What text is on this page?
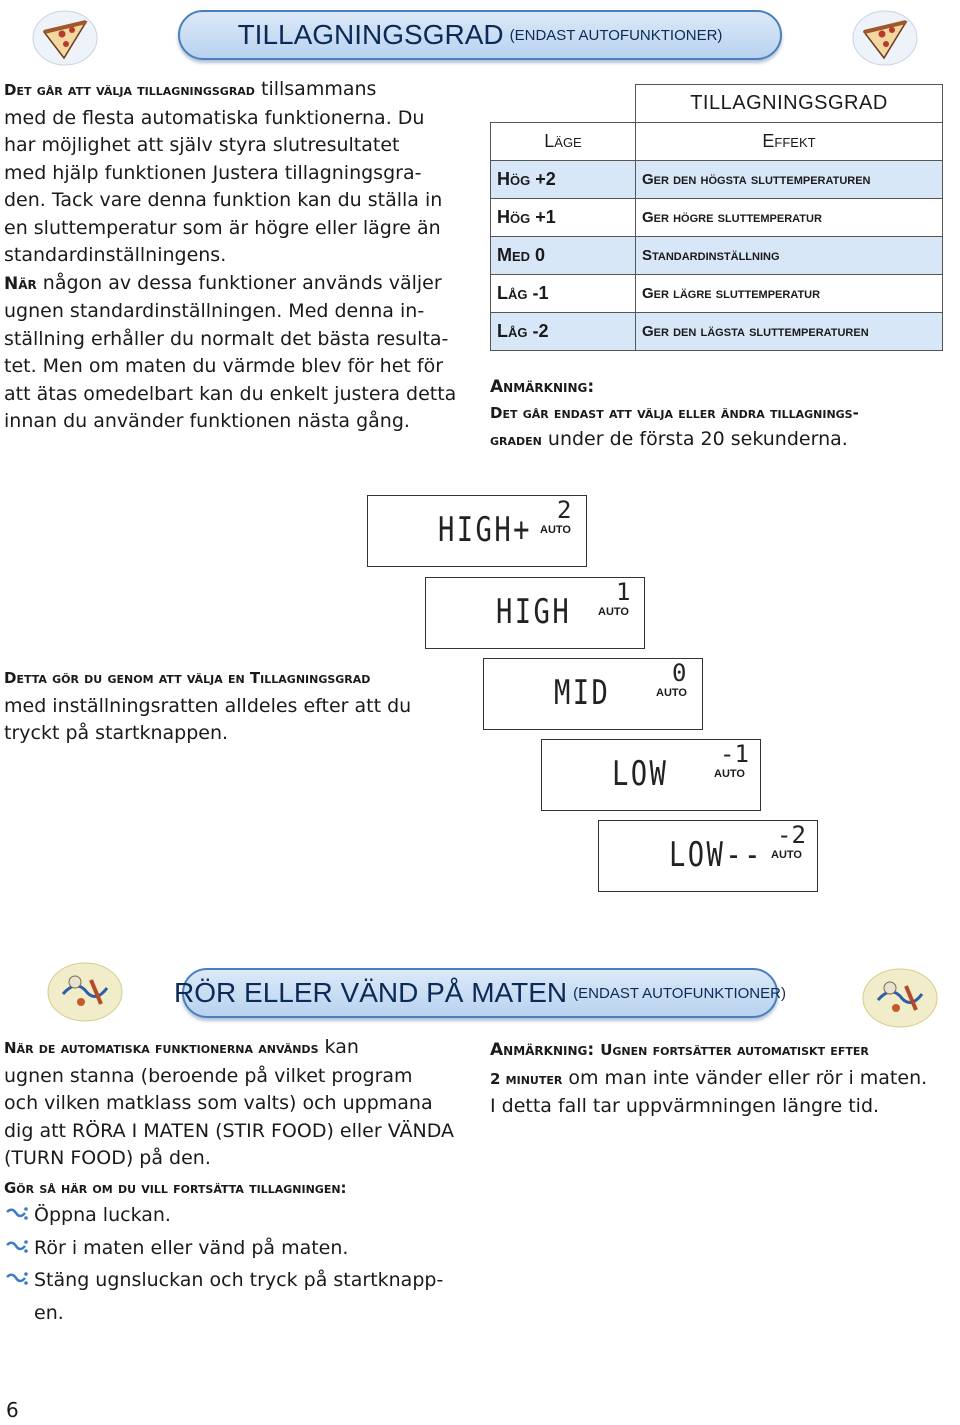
TILLAGNINGSGRAD (ENDAST AUTOFUNKTIONER)
Det går att välja tillagningsgrad tillsammans
med de flesta automatiska funktionerna. Du
har möjlighet att själv styra slutresultatet
med hjälp funktionen Justera tillagningsgra-
den. Tack vare denna funktion kan du ställa in
en sluttemperatur som är högre eller lägre än
standardinställningens.
När någon av dessa funktioner används väljer
ugnen standardinställningen. Med denna in-
ställning erhåller du normalt det bästa resulta-
tet. Men om maten du värmde blev för het för
att ätas omedelbart kan du enkelt justera detta
innan du använder funktionen nästa gång.
	TILLAGNINGSGRAD
Läge	Effekt
Hög +2	Ger den högsta sluttemperaturen
Hög +1	Ger högre sluttemperatur
Med 0	Standardinställning
Låg -1	Ger lägre sluttemperatur
Låg -2	Ger den lägsta sluttemperaturen
Anmärkning:
Det går endast att välja eller ändra tillagnings-
graden under de första 20 sekunderna.
HIGH+ 2
AUTO
HIGH 1
AUTO
MID	0
AUTO
LOW -1
AUTO
LOW-- -2
AUTO
Detta gör du genom att välja en Tillagningsgrad
med inställningsratten alldeles efter att du
tryckt på startknappen.
RÖR ELLER VÄND PÅ MATEN (ENDAST AUTOFUNKTIONER)
När de automatiska funktionerna används kan
ugnen stanna (beroende på vilket program
och vilken matklass som valts) och uppmana
dig att RÖRA I MATEN (STIR FOOD) eller VÄNDA
(TURN FOOD) på den.
Gör så här om du vill fortsätta tillagningen:
Öppna luckan.
Rör i maten eller vänd på maten.
Stäng ugnsluckan och tryck på startknapp-
en.
Anmärkning: Ugnen fortsätter automatiskt efter
2 minuter om man inte vänder eller rör i maten.
I detta fall tar uppvärmningen längre tid.
6
